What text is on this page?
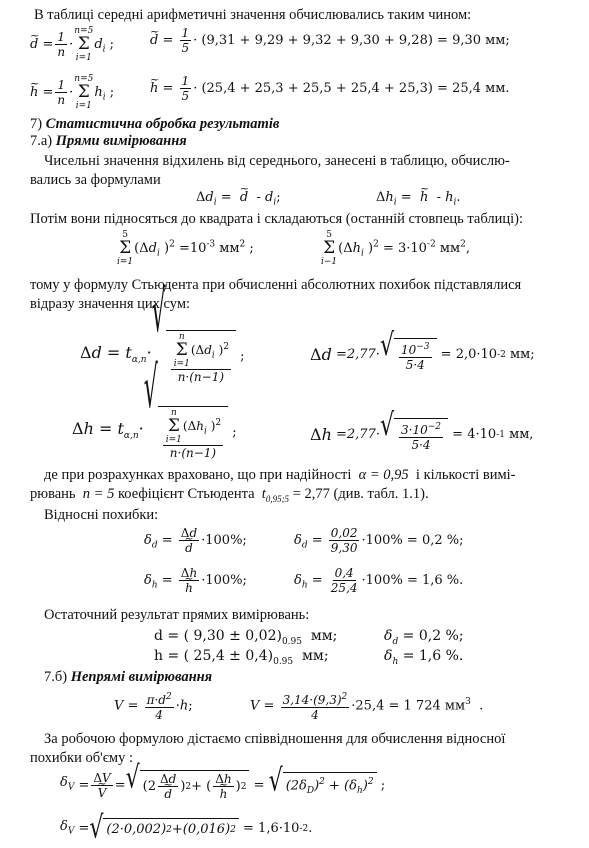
В таблиці середні арифметичні значення обчислювались таким чином:
~ $d = \frac{1}{n}$ ·
n=5
Σ
i=1
$d_i$ ;	~ $d = \frac{1}{5} \cdot (9,31 + 9,29 + 9,32 + 9,30 + 9,28) = 9,30$ мм;
~ $h = \frac{1}{n}$ ·
n=5
Σ
i=1
$h_i$ ;	~ $h = \frac{1}{5} \cdot (25,4 + 25,3 + 25,5 + 25,4 + 25,3) = 25,4$ мм.
7) Статистична обробка результатів
7.а) Прями вимірювання
Чисельні значення відхилень від середнього, занесені в таблицю, обчислю-
вались за формулами
$\Delta d_i$ =  ~ d  - $d_i$;	$\Delta h_i$ =  ~ h  - $h_i$.
Потім вони підносяться до квадрата і складаються (останній стовпець таблиці):
5
Σ
i=1
($\Delta d_i$ )$^2 =10^{-3}$ $мм^2$ ;
5
Σ
i−1
($\Delta h_i$ )$^2 = 3\cdot 10^{-2}$ $мм^2$,
тому у формулу Стьюдента при обчисленні абсолютних похибок підставлялися
відразу значення цих сум:
$\Delta d = t_{\alpha,n}\cdot$
√
n
Σ
i=1
($\Delta d_i$ )$^2$
n·(n−1) ;	Δd
=2,77· √ $\frac{10^{-3}}{5\cdot 4}$
= 2,0·10 -2
мм;
$\Delta h = t_{\alpha,n}\cdot$
√
n
Σ
i=1
($\Delta h_i$ )$^2$
n·(n−1) ;	Δh
=2,77· √ $\frac{3\cdot 10^{-2}}{5\cdot 4}$
= 4·10 -1
мм,
де при розрахунках враховано, що при надійності α = 0,95 і кількості вимі-
рювань n = 5 коефіцієнт Стьюдента $t_{0,95;5} = 2,77$ (див. табл. 1.1).
Відносні похибки:
$\delta_d = \Delta d$
~ d ·100%;	$\delta_d = \frac{0,02}{9,30} \cdot 100\% = 0,2$ %;
$\delta_h = \Delta h$
~ h ·100%;	$\delta_h = \frac{0,4}{25,4} \cdot 100\% = 1,6$ %.
Остаточний результат прямих вимірювань:
d = ( $9,30 \pm 0,02)_{0.95}$ мм;	$\delta_d = 0,2$ %;
h = ( $25,4 \pm 0,4)_{0.95}$ мм;	$\delta_h = 1,6$ %.
7.б) Непрямі вимірювання
$V = \frac{\pi\cdot d^2}{4} \cdot h$;	$V = \frac{3,14\cdot(9,3)^2}{4} \cdot 25,4 = 1$ 724 $мм^3$  .
За робочою формулою дістаємо співвідношення для обчислення відносної
похибки об'єму :
$\delta_V = \Delta V$
~ V = √ (2 Δd
~ d ) 2 + ( Δh
~ h ) 2 = √ $(2\delta_D)^2 + (\delta_h)^2$ ;
$\delta_V$ = √ (2·0,002) 2 +(0,016) 2
= 1,6·10 -2 .
